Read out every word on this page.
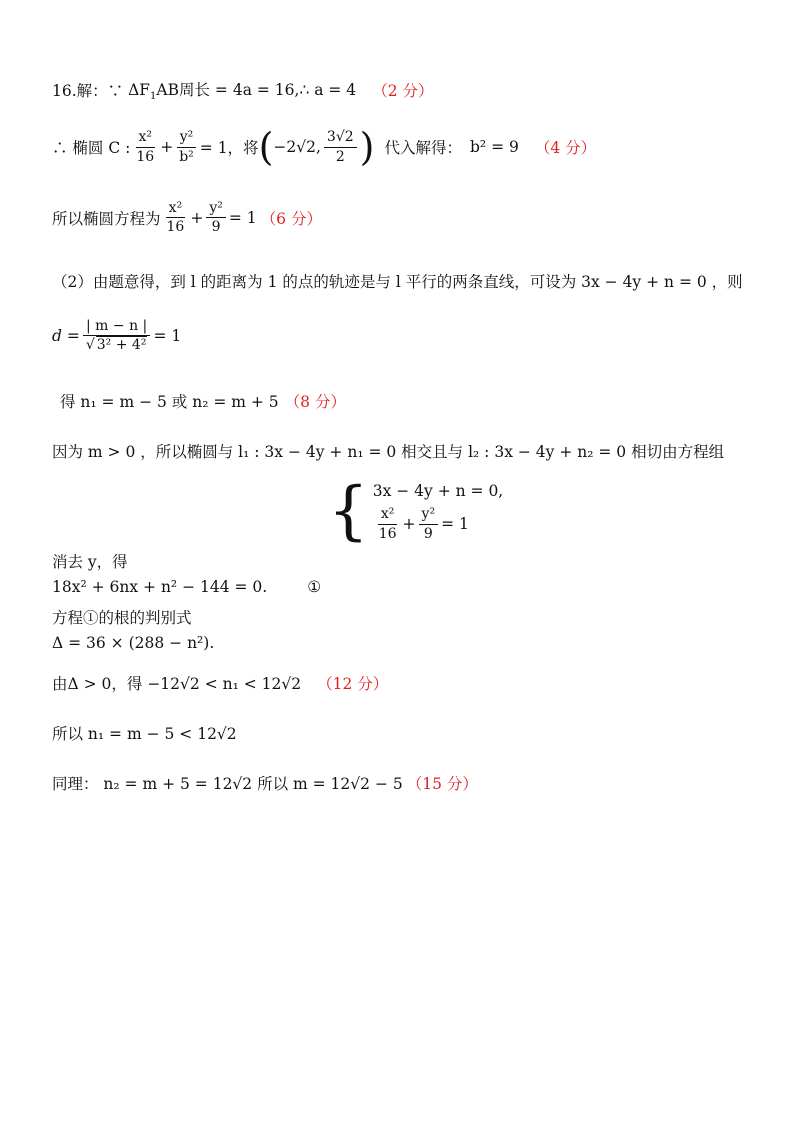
16.解：∵ $\Delta F_1AB$周长 = 4a = 16,∴ a = 4 （2 分）
∴ 椭圆 C : $\frac{\text{x²}}{16} + \frac{\text{y²}}{\text{b²}} = 1$，将 ( −2√2, $\frac{3√2}{2}$ ) 代入解得： b² = 9 （4 分）
所以椭圆方程为 $\frac{\text{x²}}{16} + \frac{\text{y²}}{9} = 1$ （6 分）
（2）由题意得，到 l 的距离为 1 的点的轨迹是与 l 平行的两条直线，可设为 3x − 4y + n = 0 ，则
$d = \frac{| m - n |}{\text{√ 3² + 4²}} = 1$
得 n₁ = m − 5 或 n₂ = m + 5 （8 分）
因为 m > 0 ，所以椭圆与 l₁ : 3x − 4y + n₁ = 0 相交且与 l₂ : 3x − 4y + n₂ = 0 相切由方程组
{ 3x − 4y + n = 0,
$\frac{\text{x²}}{16} + \frac{\text{y²}}{9} = 1$
消去 y，得
18x² + 6nx + n² − 144 = 0.	①
方程①的根的判别式
Δ = 36 × (288 − n²).
由Δ > 0，得 −12√2 < n₁ < 12√2 （12 分）
所以 n₁ = m − 5 < 12√2
同理： n₂ = m + 5 = 12√2 所以 m = 12√2 − 5 （15 分）
